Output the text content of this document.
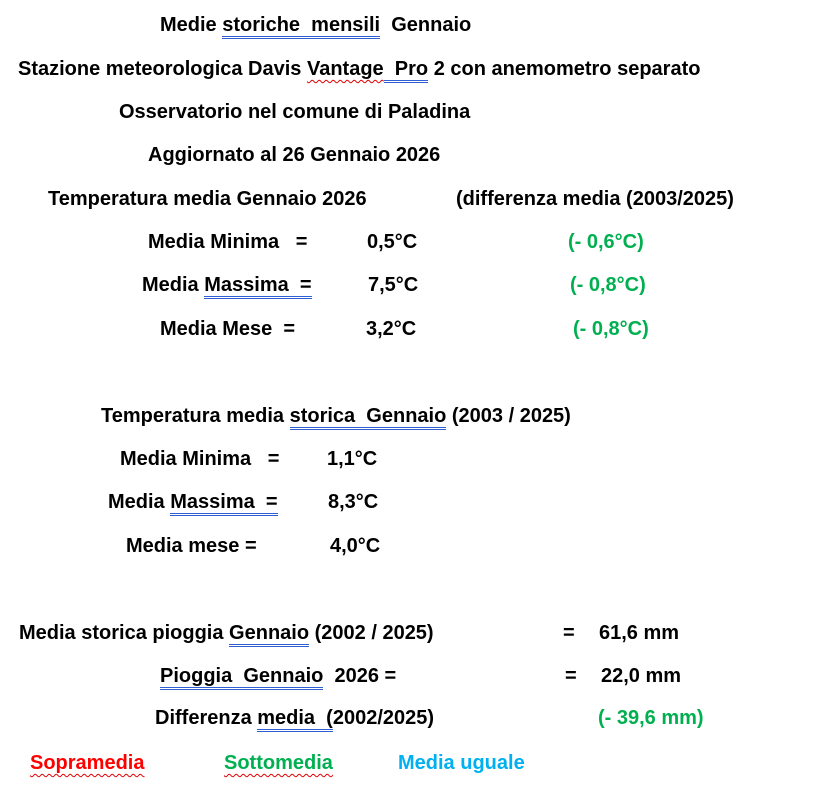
Medie storiche  mensili  Gennaio
Stazione meteorologica Davis Vantage  Pro 2 con anemometro separato
Osservatorio nel comune di Paladina
Aggiornato al 26 Gennaio 2026
Temperatura media Gennaio 2026	(differenza media (2003/2025)
Media Minima   =	0,5°C	(- 0,6°C)
Media Massima  =	7,5°C	(- 0,8°C)
Media Mese  =	3,2°C	(- 0,8°C)
Temperatura media storica  Gennaio (2003 / 2025)
Media Minima   = 1,1°C
Media Massima  =	8,3°C
Media mese =	4,0°C
Media storica pioggia Gennaio (2002 / 2025)	= 61,6 mm
Pioggia  Gennaio  2026 =	= 22,0 mm
Differenza media  (2002/2025)	(- 39,6 mm)
Sopramedia	Sottomedia	Media uguale
